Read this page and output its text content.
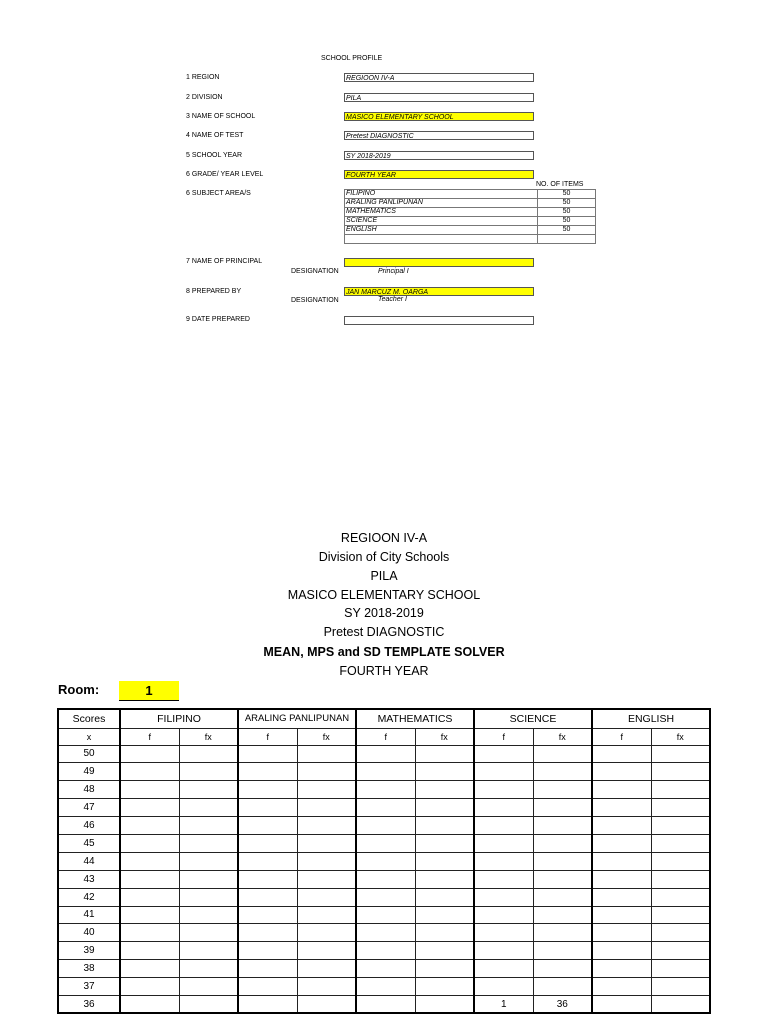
SCHOOL PROFILE
1 REGION	REGIOON IV-A
2 DIVISION	PILA
3 NAME OF SCHOOL	MASICO ELEMENTARY SCHOOL
4 NAME OF TEST	Pretest DIAGNOSTIC
5 SCHOOL YEAR	SY 2018-2019
6 GRADE/ YEAR LEVEL	FOURTH YEAR
NO. OF ITEMS
6 SUBJECT AREA/S	FILIPINO	50
ARALING PANLIPUNAN	50
MATHEMATICS	50
SCIENCE	50
ENGLISH	50

7 NAME OF PRINCIPAL
DESIGNATION	Principal I
8 PREPARED BY	JAN MARCUZ M. OARGA
DESIGNATION	Teacher I
9 DATE PREPARED
REGIOON IV-A
Division of City Schools
PILA
MASICO ELEMENTARY SCHOOL
SY 2018-2019
Pretest DIAGNOSTIC
MEAN, MPS and SD TEMPLATE SOLVER
FOURTH YEAR
Room:	1
Scores	FILIPINO		ARALING PANLIPUNAN		MATHEMATICS		SCIENCE		ENGLISH	
x	f	fx	f	fx	f	fx	f	fx	f	fx
50										
49										
48										
47										
46										
45										
44										
43										
42										
41										
40										
39										
38										
37										
36							1	36		
